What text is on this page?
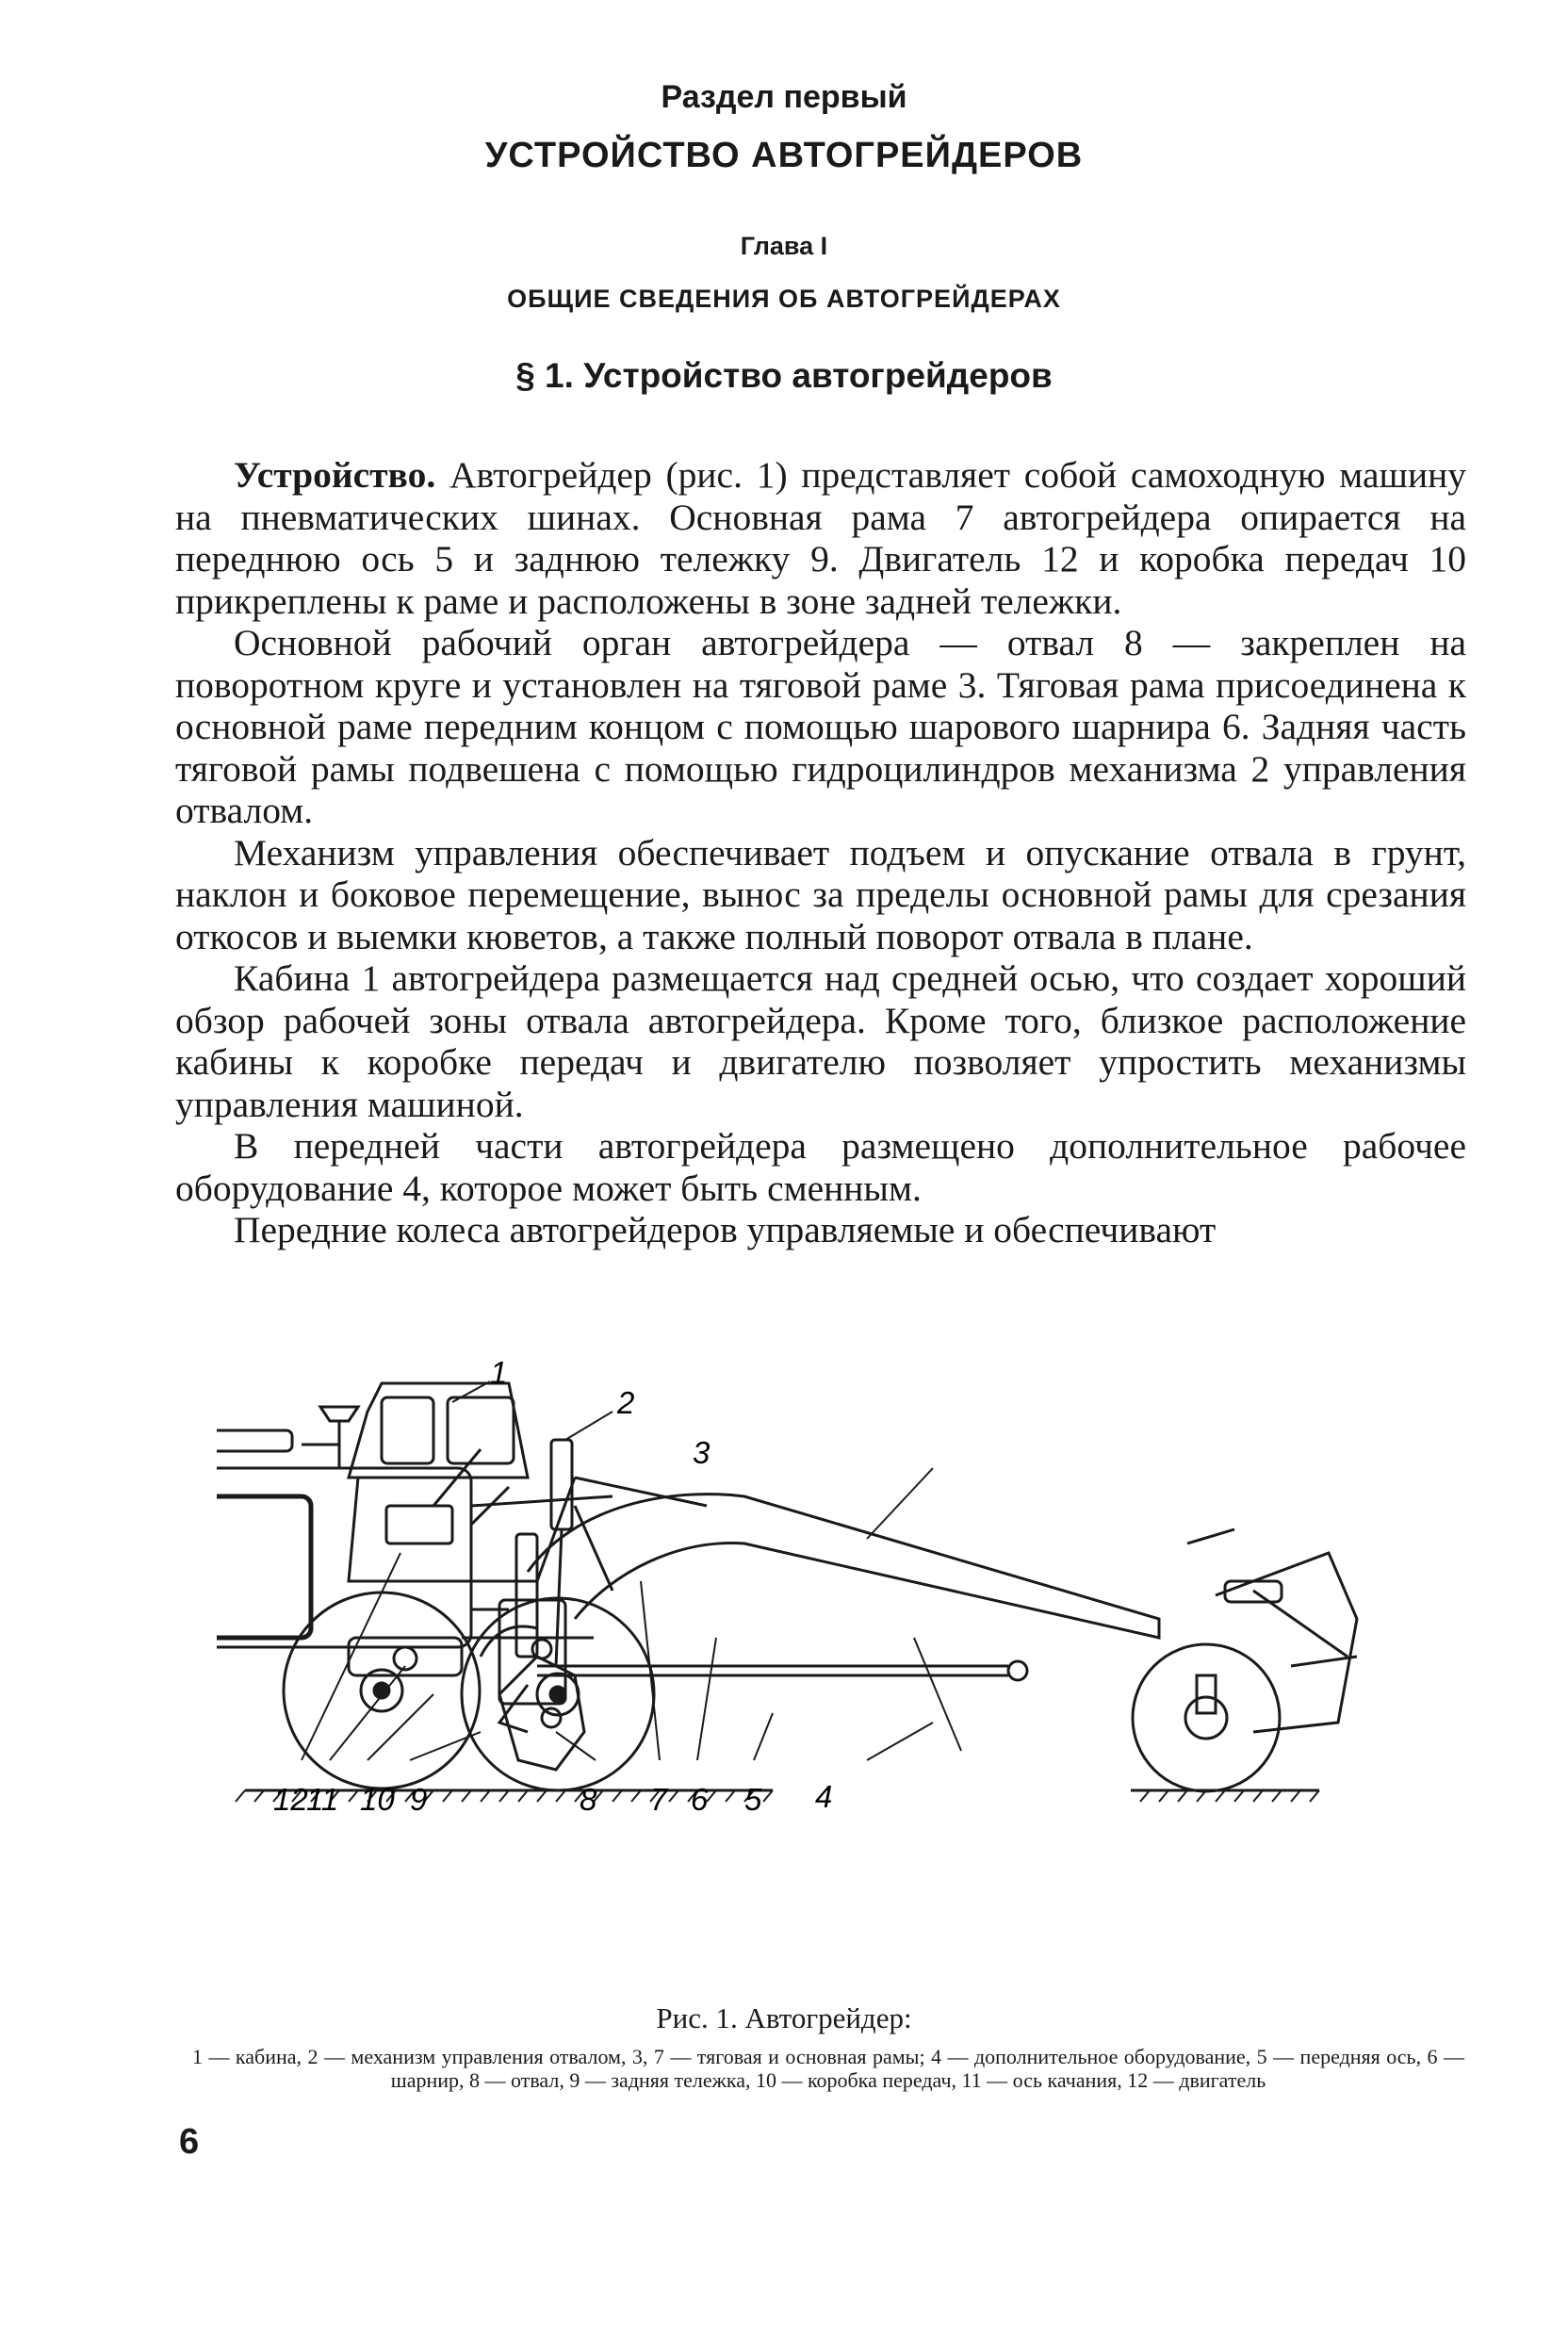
Раздел первый
УСТРОЙСТВО АВТОГРЕЙДЕРОВ
Глава I
ОБЩИЕ СВЕДЕНИЯ ОБ АВТОГРЕЙДЕРАХ
§ 1. Устройство автогрейдеров

Устройство. Автогрейдер (рис. 1) представляет собой самоходную машину на пневматических шинах. Основная рама 7 автогрейдера опирается на переднюю ось 5 и заднюю тележку 9. Двигатель 12 и коробка передач 10 прикреплены к раме и расположены в зоне задней тележки.

Основной рабочий орган автогрейдера — отвал 8 — закреплен на поворотном круге и установлен на тяговой раме 3. Тяговая рама присоединена к основной раме передним концом с помощью шарового шарнира 6. Задняя часть тяговой рамы подвешена с помощью гидроцилиндров механизма 2 управления отвалом.

Механизм управления обеспечивает подъем и опускание отвала в грунт, наклон и боковое перемещение, вынос за пределы основной рамы для срезания откосов и выемки кюветов, а также полный поворот отвала в плане.

Кабина 1 автогрейдера размещается над средней осью, что создает хороший обзор рабочей зоны отвала автогрейдера. Кроме того, близкое расположение кабины к коробке передач и двигателю позволяет упростить механизмы управления машиной.

В передней части автогрейдера размещено дополнительное рабочее оборудование 4, которое может быть сменным.

Передние колеса автогрейдеров управляемые и обеспечивают

1
2
3
12
11 10 9	8 7 6 5 4
Рис. 1. Автогрейдер:
1 — кабина, 2 — механизм управления отвалом, 3, 7 — тяговая и основная рамы; 4 — дополнительное оборудование, 5 — передняя ось, 6 — шарнир, 8 — отвал, 9 — задняя тележка, 10 — коробка передач, 11 — ось качания, 12 — двигатель
6
